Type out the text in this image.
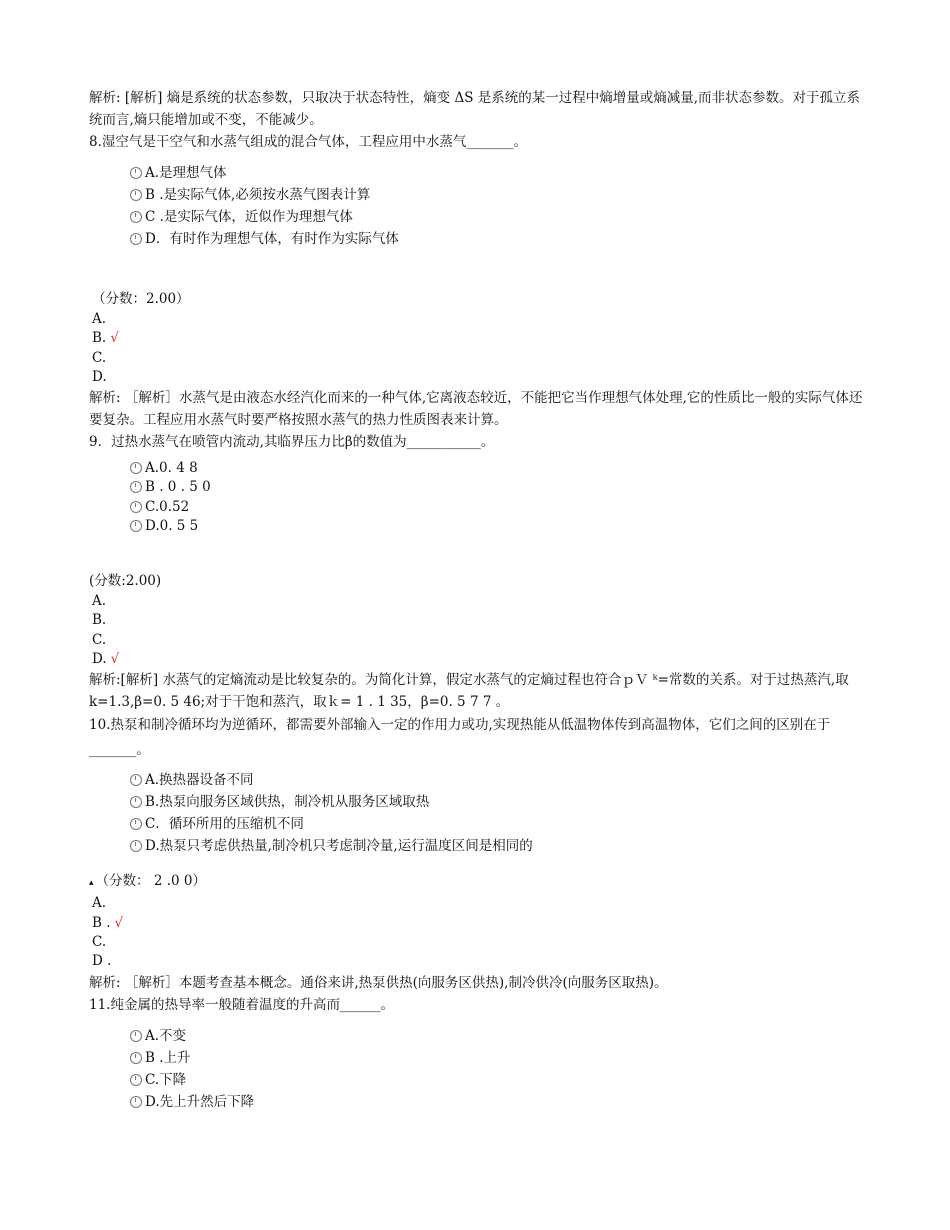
解析: [解析] 熵是系统的状态参数，只取决于状态特性，熵变 ΔS 是系统的某一过程中熵增量或熵减量,而非状态参数。对于孤立系统而言,熵只能增加或不变，不能减少。

8.湿空气是干空气和水蒸气组成的混合气体，工程应用中水蒸气_______。

A.是理想气体
B .是实际气体,必须按水蒸气图表计算
C .是实际气体，近似作为理想气体
D．有时作为理想气体，有时作为实际气体
（分数：2.00）
A.
B. √
C.
D.

解析: ［解析］水蒸气是由液态水经汽化而来的一种气体,它离液态较近，不能把它当作理想气体处理,它的性质比一般的实际气体还要复杂。工程应用水蒸气时要严格按照水蒸气的热力性质图表来计算。

9．过热水蒸气在喷管内流动,其临界压力比β的数值为___________。

A.0. 4 8
B . 0 . 5 0
C.0.52
D.0. 5 5
(分数:2.00)
A.
B.
C.
D. √

解析:[解析] 水蒸气的定熵流动是比较复杂的。为简化计算，假定水蒸气的定熵过程也符合ｐＶ ᵏ=常数的关系。对于过热蒸汽,取 k=1.3,β=0. 5 46;对于干饱和蒸汽，取ｋ= 1 . 1 35，β=0. 5 7 7 。

10.热泵和制冷循环均为逆循环，都需要外部输入一定的作用力或功,实现热能从低温物体传到高温物体，它们之间的区别在于_______。

A.换热器设备不同
B.热泵向服务区域供热，制冷机从服务区域取热
C．循环所用的压缩机不同
D.热泵只考虑供热量,制冷机只考虑制冷量,运行温度区间是相同的
▴ （分数： 2 .0 0）
A.
B . √
C.
D .

解析: ［解析］本题考查基本概念。通俗来讲,热泵供热(向服务区供热),制冷供冷(向服务区取热)。

11.纯金属的热导率一般随着温度的升高而______。

A.不变
B .上升
C.下降
D.先上升然后下降
